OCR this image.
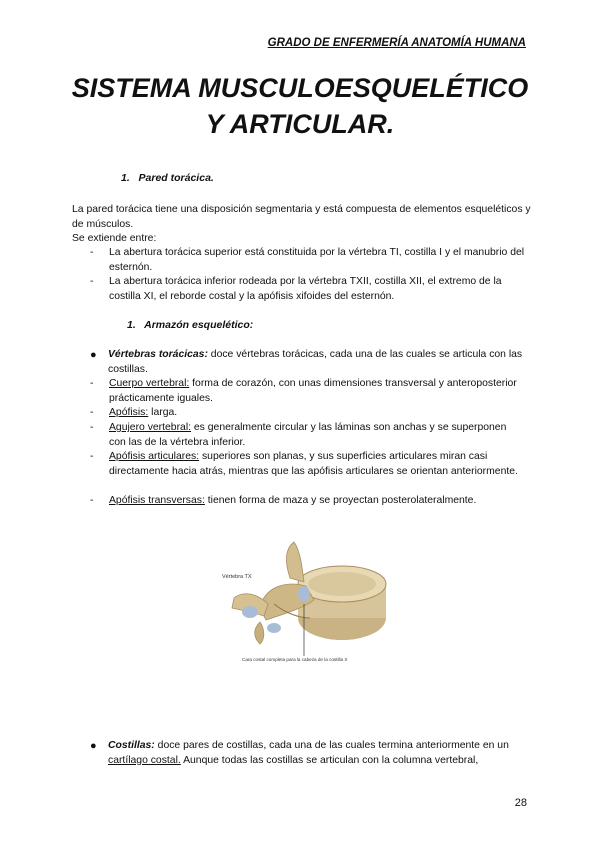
GRADO DE ENFERMERÍA ANATOMÍA HUMANA
SISTEMA MUSCULOESQUELÉTICO
Y ARTICULAR.
1. Pared torácica.

La pared torácica tiene una disposición segmentaria y está compuesta de elementos esqueléticos y de músculos.

Se extiende entre:

- La abertura torácica superior está constituida por la vértebra TI, costilla I y el manubrio del esternón.
- La abertura torácica inferior rodeada por la vértebra TXII, costilla XII, el extremo de la costilla XI, el reborde costal y la apófisis xifoides del esternón.
1. Armazón esquelético:
● Vértebras torácicas: doce vértebras torácicas, cada una de las cuales se articula con las costillas.
- Cuerpo vertebral: forma de corazón, con unas dimensiones transversal y anteroposterior prácticamente iguales.
- Apófisis: larga.
- Agujero vertebral: es generalmente circular y las láminas son anchas y se superponen con las de la vértebra inferior.
- Apófisis articulares: superiores son planas, y sus superficies articulares miran casi directamente hacia atrás, mientras que las apófisis articulares se orientan anteriormente.
- Apófisis transversas: tienen forma de maza y se proyectan posterolateralmente.
Vértebra TX
Cara costal completa para la cabeza de la costilla X
● Costillas: doce pares de costillas, cada una de las cuales termina anteriormente en un cartílago costal. Aunque todas las costillas se articulan con la columna vertebral,
28
